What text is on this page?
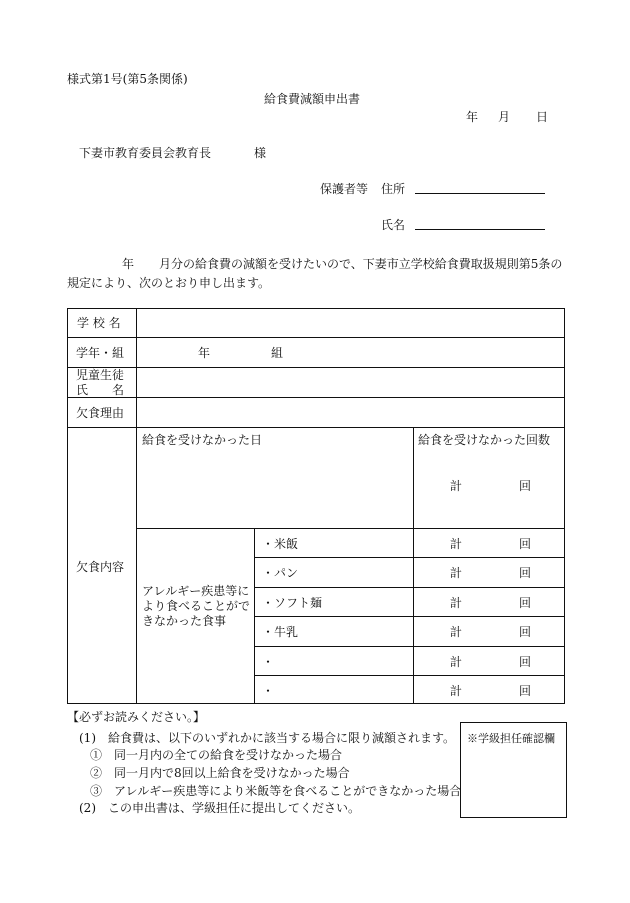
様式第1号(第5条関係)
給食費減額申出書
年 月 日
下妻市教育委員会教育長	様
保護者等 住所
氏名
年 月分の給食費の減額を受けたいので、下妻市立学校給食費取扱規則第5条の
規定により、次のとおり申し出ます。
学 校 名
学年・組	年	組
児童生徒
氏　　名
欠食理由
欠食内容
給食を受けなかった日	給食を受けなかった回数
計	回
アレルギー疾患等に
より食べることがで
きなかった食事
・米飯	計	回
・パン	計	回
・ソフト麺	計	回
・牛乳	計	回
・	計	回
・	計	回
【必ずお読みください。】
(1)　給食費は、以下のいずれかに該当する場合に限り減額されます。
①　同一月内の全ての給食を受けなかった場合
②　同一月内で8回以上給食を受けなかった場合
③　アレルギー疾患等により米飯等を食べることができなかった場合
(2)　この申出書は、学級担任に提出してください。
※学級担任確認欄
